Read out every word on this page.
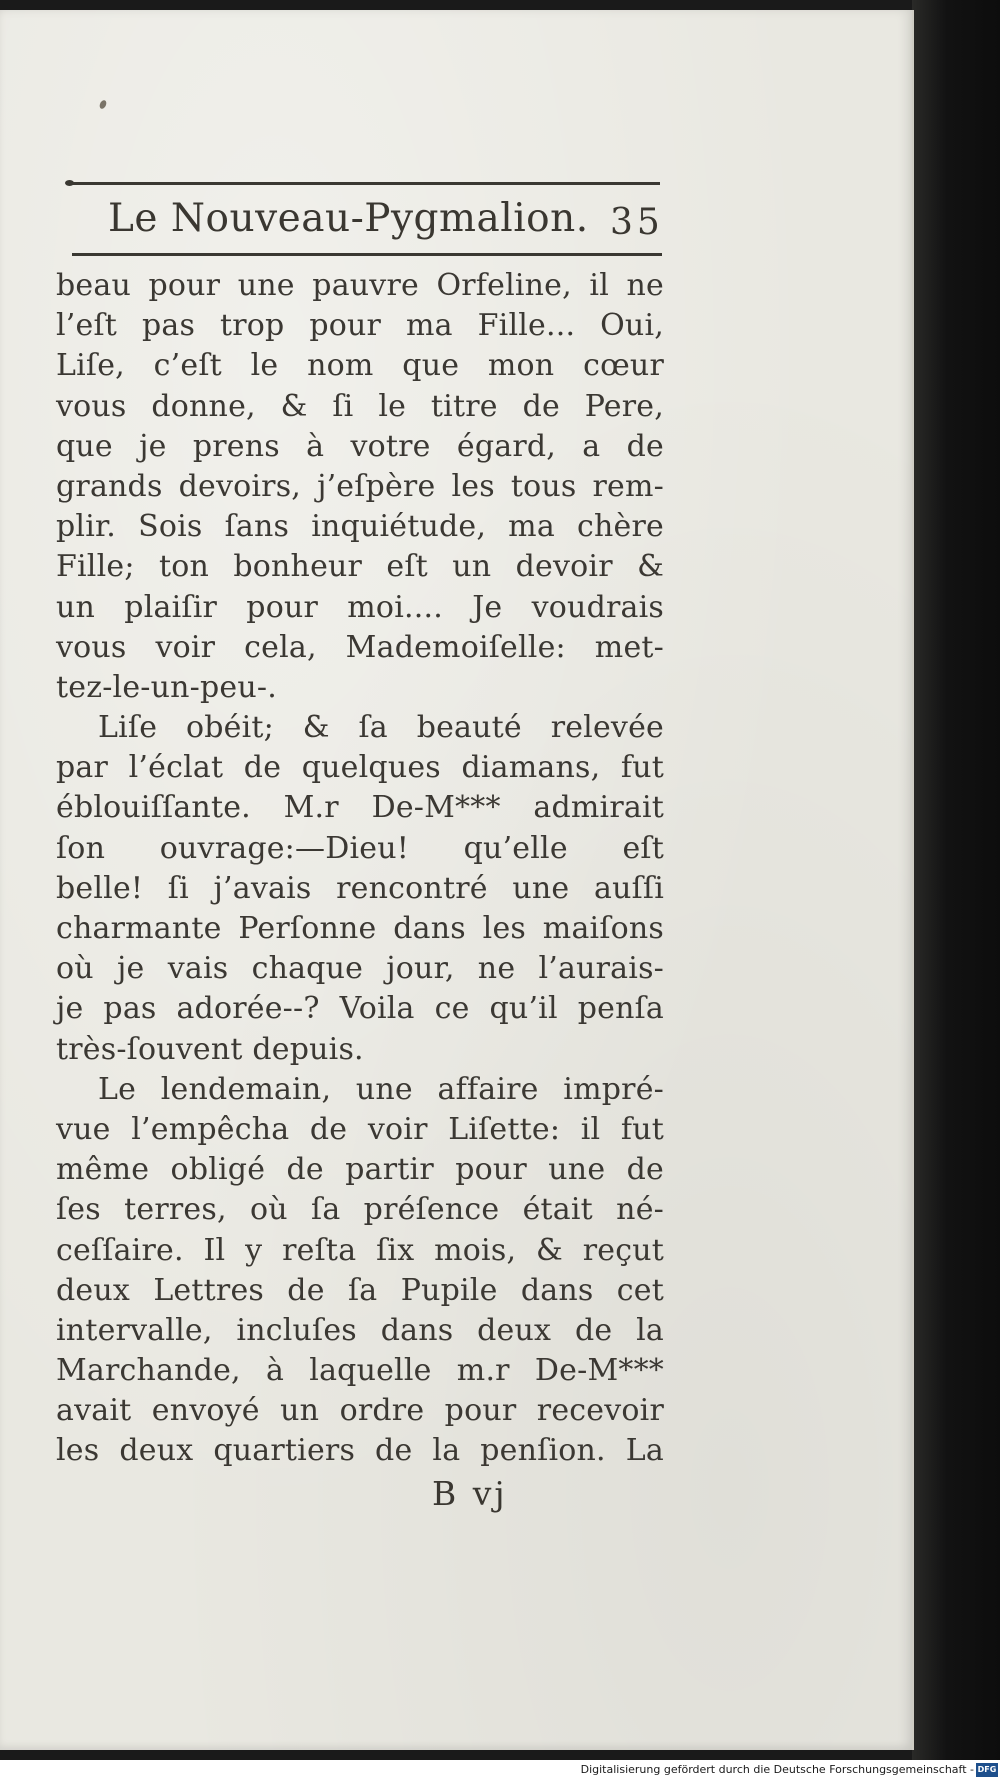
Le Nouveau-Pygmalion. 35
beau pour une pauvre Orfeline, il ne
l’eſt pas trop pour ma Fille... Oui,
Liſe, c’eſt le nom que mon cœur
vous donne, & ſi le titre de Pere,
que je prens à votre égard, a de
grands devoirs, j’eſpère les tous rem-
plir. Sois ſans inquiétude, ma chère
Fille; ton bonheur eſt un devoir &
un plaiſir pour moi.... Je voudrais
vous voir cela, Mademoiſelle: met-
tez-le-un-peu-.
Liſe obéit; & ſa beauté relevée
par l’éclat de quelques diamans, fut
éblouiſſante. M.r De-M*** admirait
ſon ouvrage:—Dieu! qu’elle eſt
belle! ſi j’avais rencontré une auſſi
charmante Perſonne dans les maiſons
où je vais chaque jour, ne l’aurais-
je pas adorée--? Voila ce qu’il penſa
très-ſouvent depuis.
Le lendemain, une affaire impré-
vue l’empêcha de voir Liſette: il fut
même obligé de partir pour une de
ſes terres, où ſa préſence était né-
ceſſaire. Il y reſta ſix mois, & reçut
deux Lettres de ſa Pupile dans cet
intervalle, incluſes dans deux de la
Marchande, à laquelle m.r De-M***
avait envoyé un ordre pour recevoir
les deux quartiers de la penſion. La
B vj
Digitalisierung gefördert durch die Deutsche Forschungsgemeinschaft - DFG
